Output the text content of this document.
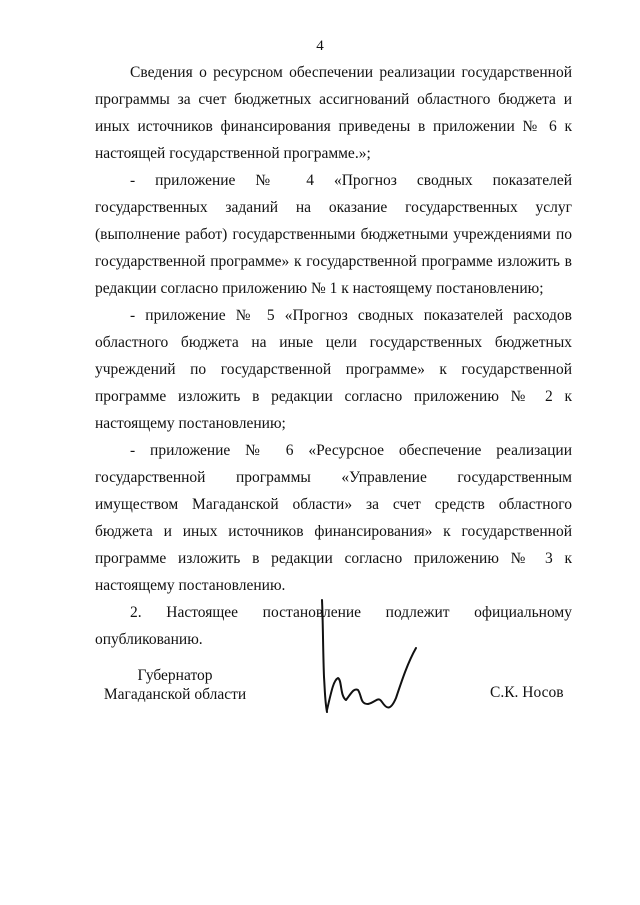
4

Сведения о ресурсном обеспечении реализации государственной программы за счет бюджетных ассигнований областного бюджета и иных источников финансирования приведены в приложении № 6 к настоящей государственной программе.»;

- приложение № 4 «Прогноз сводных показателей государственных заданий на оказание государственных услуг (выполнение работ) государственными бюджетными учреждениями по государственной программе» к государственной программе изложить в редакции согласно приложению № 1 к настоящему постановлению;

- приложение № 5 «Прогноз сводных показателей расходов областного бюджета на иные цели государственных бюджетных учреждений по государственной программе» к государственной программе изложить в редакции согласно приложению № 2 к настоящему постановлению;

- приложение № 6 «Ресурсное обеспечение реализации государственной программы «Управление государственным имуществом Магаданской области» за счет средств областного бюджета и иных источников финансирования» к государственной программе изложить в редакции согласно приложению № 3 к настоящему постановлению.

2. Настоящее постановление подлежит официальному опубликованию.

Губернатор
Магаданской области	С.К. Носов
